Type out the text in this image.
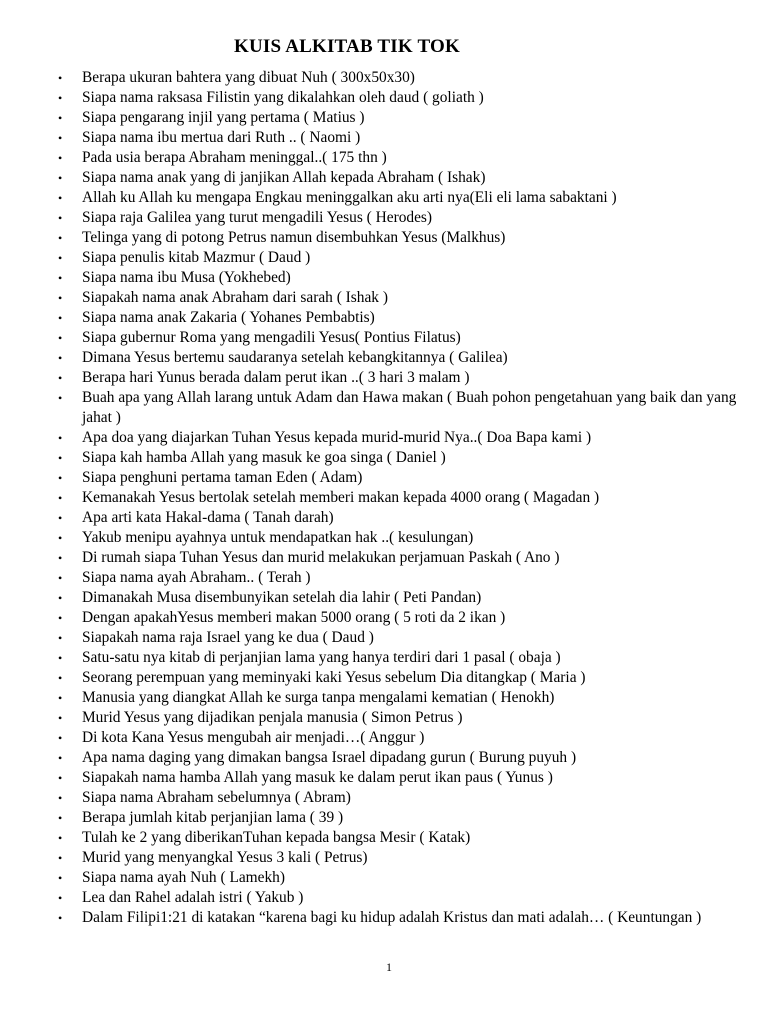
KUIS ALKITAB TIK TOK
• Berapa ukuran bahtera yang dibuat Nuh ( 300x50x30)
• Siapa nama raksasa Filistin yang dikalahkan oleh daud ( goliath )
• Siapa pengarang injil yang pertama ( Matius )
• Siapa nama ibu mertua dari Ruth .. ( Naomi )
• Pada usia berapa Abraham meninggal..( 175 thn )
• Siapa nama anak yang di janjikan Allah kepada Abraham ( Ishak)
• Allah ku Allah ku mengapa Engkau meninggalkan aku arti nya(Eli eli lama sabaktani )
• Siapa raja Galilea yang turut mengadili Yesus ( Herodes)
• Telinga yang di potong Petrus namun disembuhkan Yesus (Malkhus)
• Siapa penulis kitab Mazmur ( Daud )
• Siapa nama ibu Musa (Yokhebed)
• Siapakah nama anak Abraham dari sarah ( Ishak )
• Siapa nama anak Zakaria ( Yohanes Pembabtis)
• Siapa gubernur Roma yang mengadili Yesus( Pontius Filatus)
• Dimana Yesus bertemu saudaranya setelah kebangkitannya ( Galilea)
• Berapa hari Yunus berada dalam perut ikan ..( 3 hari 3 malam )
• Buah apa yang Allah larang untuk Adam dan Hawa makan ( Buah pohon pengetahuan yang baik dan yang jahat )
• Apa doa yang diajarkan Tuhan Yesus kepada murid-murid Nya..( Doa Bapa kami )
• Siapa kah hamba Allah yang masuk ke goa singa ( Daniel )
• Siapa penghuni pertama taman Eden ( Adam)
• Kemanakah Yesus bertolak setelah memberi makan kepada 4000 orang ( Magadan )
• Apa arti kata Hakal-dama ( Tanah darah)
• Yakub menipu ayahnya untuk mendapatkan hak ..( kesulungan)
• Di rumah siapa Tuhan Yesus dan murid melakukan perjamuan Paskah ( Ano )
• Siapa nama ayah Abraham.. ( Terah )
• Dimanakah Musa disembunyikan setelah dia lahir ( Peti Pandan)
• Dengan apakahYesus memberi makan 5000 orang ( 5 roti da 2 ikan )
• Siapakah nama raja Israel yang ke dua ( Daud )
• Satu-satu nya kitab di perjanjian lama yang hanya terdiri dari 1 pasal ( obaja )
• Seorang perempuan yang meminyaki kaki Yesus sebelum Dia ditangkap ( Maria )
• Manusia yang diangkat Allah ke surga tanpa mengalami kematian ( Henokh)
• Murid Yesus yang dijadikan penjala manusia ( Simon Petrus )
• Di kota Kana Yesus mengubah air menjadi…( Anggur )
• Apa nama daging yang dimakan bangsa Israel dipadang gurun ( Burung puyuh )
• Siapakah nama hamba Allah yang masuk ke dalam perut ikan paus ( Yunus )
• Siapa nama Abraham sebelumnya ( Abram)
• Berapa jumlah kitab perjanjian lama ( 39 )
• Tulah ke 2 yang diberikanTuhan kepada bangsa Mesir ( Katak)
• Murid yang menyangkal Yesus 3 kali ( Petrus)
• Siapa nama ayah Nuh ( Lamekh)
• Lea dan Rahel adalah istri ( Yakub )
• Dalam Filipi1:21 di katakan “karena bagi ku hidup adalah Kristus dan mati adalah… ( Keuntungan )
1
